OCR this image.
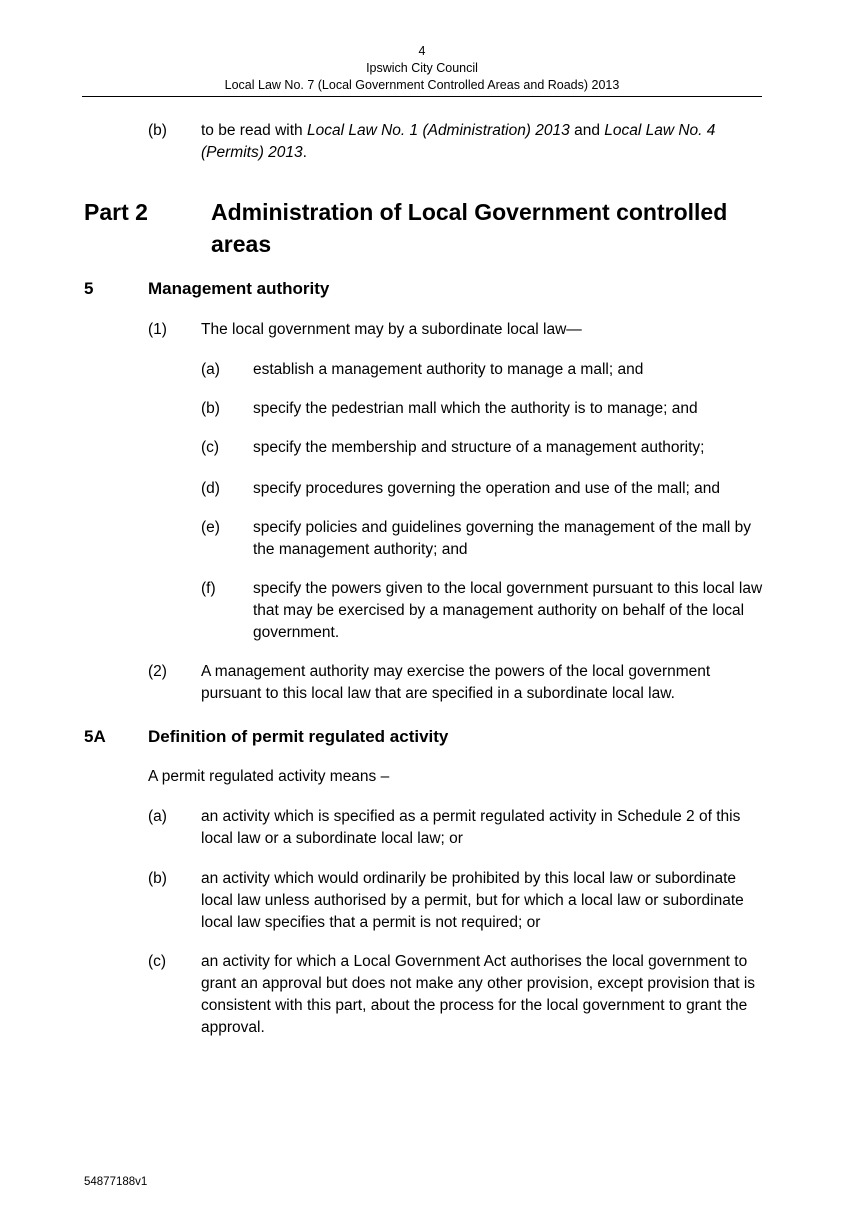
4
Ipswich City Council
Local Law No. 7 (Local Government Controlled Areas and Roads) 2013
(b) to be read with Local Law No. 1 (Administration) 2013 and Local Law No. 4 (Permits) 2013.
Part 2	Administration of Local Government controlled areas
5	Management authority
(1) The local government may by a subordinate local law—
(a) establish a management authority to manage a mall; and
(b) specify the pedestrian mall which the authority is to manage; and
(c) specify the membership and structure of a management authority;
(d) specify procedures governing the operation and use of the mall; and
(e) specify policies and guidelines governing the management of the mall by the management authority; and
(f) specify the powers given to the local government pursuant to this local law that may be exercised by a management authority on behalf of the local government.
(2) A management authority may exercise the powers of the local government pursuant to this local law that are specified in a subordinate local law.
5A Definition of permit regulated activity
A permit regulated activity means –
(a) an activity which is specified as a permit regulated activity in Schedule 2 of this local law or a subordinate local law; or
(b) an activity which would ordinarily be prohibited by this local law or subordinate local law unless authorised by a permit, but for which a local law or subordinate local law specifies that a permit is not required; or
(c) an activity for which a Local Government Act authorises the local government to grant an approval but does not make any other provision, except provision that is consistent with this part, about the process for the local government to grant the approval.
54877188v1
